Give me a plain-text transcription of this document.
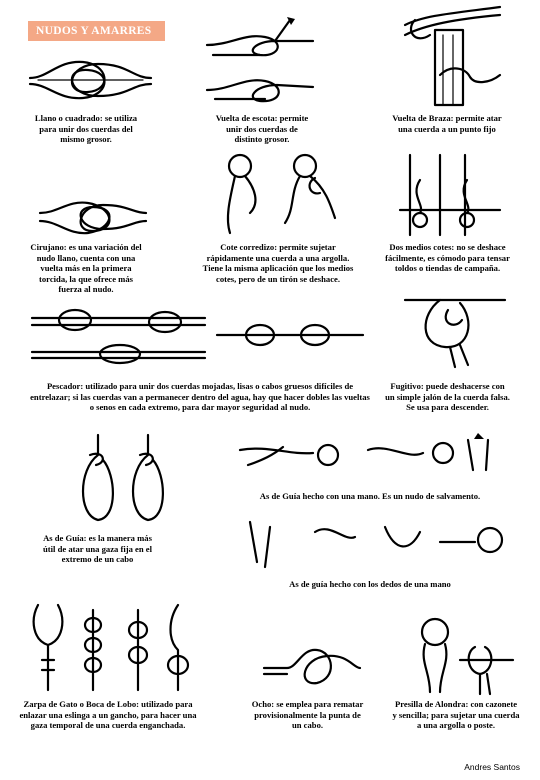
NUDOS Y AMARRES
Llano o cuadrado: se utiliza para unir dos cuerdas del mismo grosor.
Vuelta de escota: permite unir dos cuerdas de distinto grosor.
Vuelta de Braza: permite atar una cuerda a un punto fijo
Cirujano: es una variación del nudo llano, cuenta con una vuelta más en la primera torcida, la que ofrece más fuerza al nudo.
Cote corredizo: permite sujetar rápidamente una cuerda a una argolla. Tiene la misma aplicación que los medios cotes, pero de un tirón se deshace.
Dos medios cotes: no se deshace fácilmente, es cómodo para tensar toldos o tiendas de campaña.
Pescador: utilizado para unir dos cuerdas mojadas, lisas o cabos gruesos difíciles de entrelazar; si las cuerdas van a permanecer dentro del agua, hay que hacer dobles las vueltas o senos en cada extremo, para dar mayor seguridad al nudo.
Fugitivo: puede deshacerse con un simple jalón de la cuerda falsa. Se usa para descender.
As de Guía hecho con una mano. Es un nudo de salvamento.
As de Guía: es la manera más útil de atar una gaza fija en el extremo de un cabo
As de guía hecho con los dedos de una mano
Zarpa de Gato o Boca de Lobo: utilizado para enlazar una eslinga a un gancho, para hacer una gaza temporal de una cuerda enganchada.
Ocho: se emplea para rematar provisionalmente la punta de un cabo.
Presilla de Alondra: con cazonete y sencilla; para sujetar una cuerda a una argolla o poste.
Andres Santos
